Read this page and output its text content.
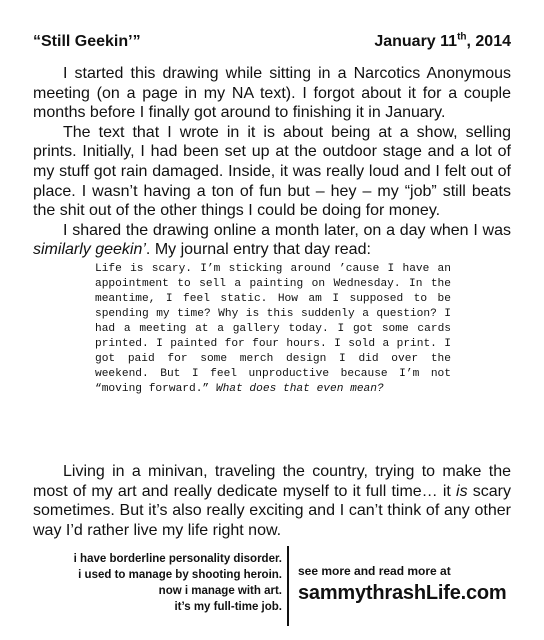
“Still Geekin’”	January 11th, 2014

I started this drawing while sitting in a Narcotics Anonymous meeting (on a page in my NA text). I forgot about it for a couple months before I finally got around to finishing it in January.

The text that I wrote in it is about being at a show, selling prints. Initially, I had been set up at the outdoor stage and a lot of my stuff got rain damaged. Inside, it was really loud and I felt out of place. I wasn’t having a ton of fun but – hey – my “job” still beats the shit out of the other things I could be doing for money.

I shared the drawing online a month later, on a day when I was similarly geekin’. My journal entry that day read:

Life is scary. I’m sticking around ’cause I have an appointment to sell a painting on Wednesday. In the meantime, I feel static. How am I supposed to be spending my time? Why is this suddenly a question? I had a meeting at a gallery today. I got some cards printed. I painted for four hours. I sold a print. I got paid for some merch design I did over the weekend. But I feel unproductive because I’m not “moving forward.” What does that even mean?

Living in a minivan, traveling the country, trying to make the most of my art and really dedicate myself to it full time… it is scary sometimes. But it’s also really exciting and I can’t think of any other way I’d rather live my life right now.

i have borderline personality disorder.
i used to manage by shooting heroin.
now i manage with art.
it’s my full-time job.
see more and read more at
sammythrashLife.com
